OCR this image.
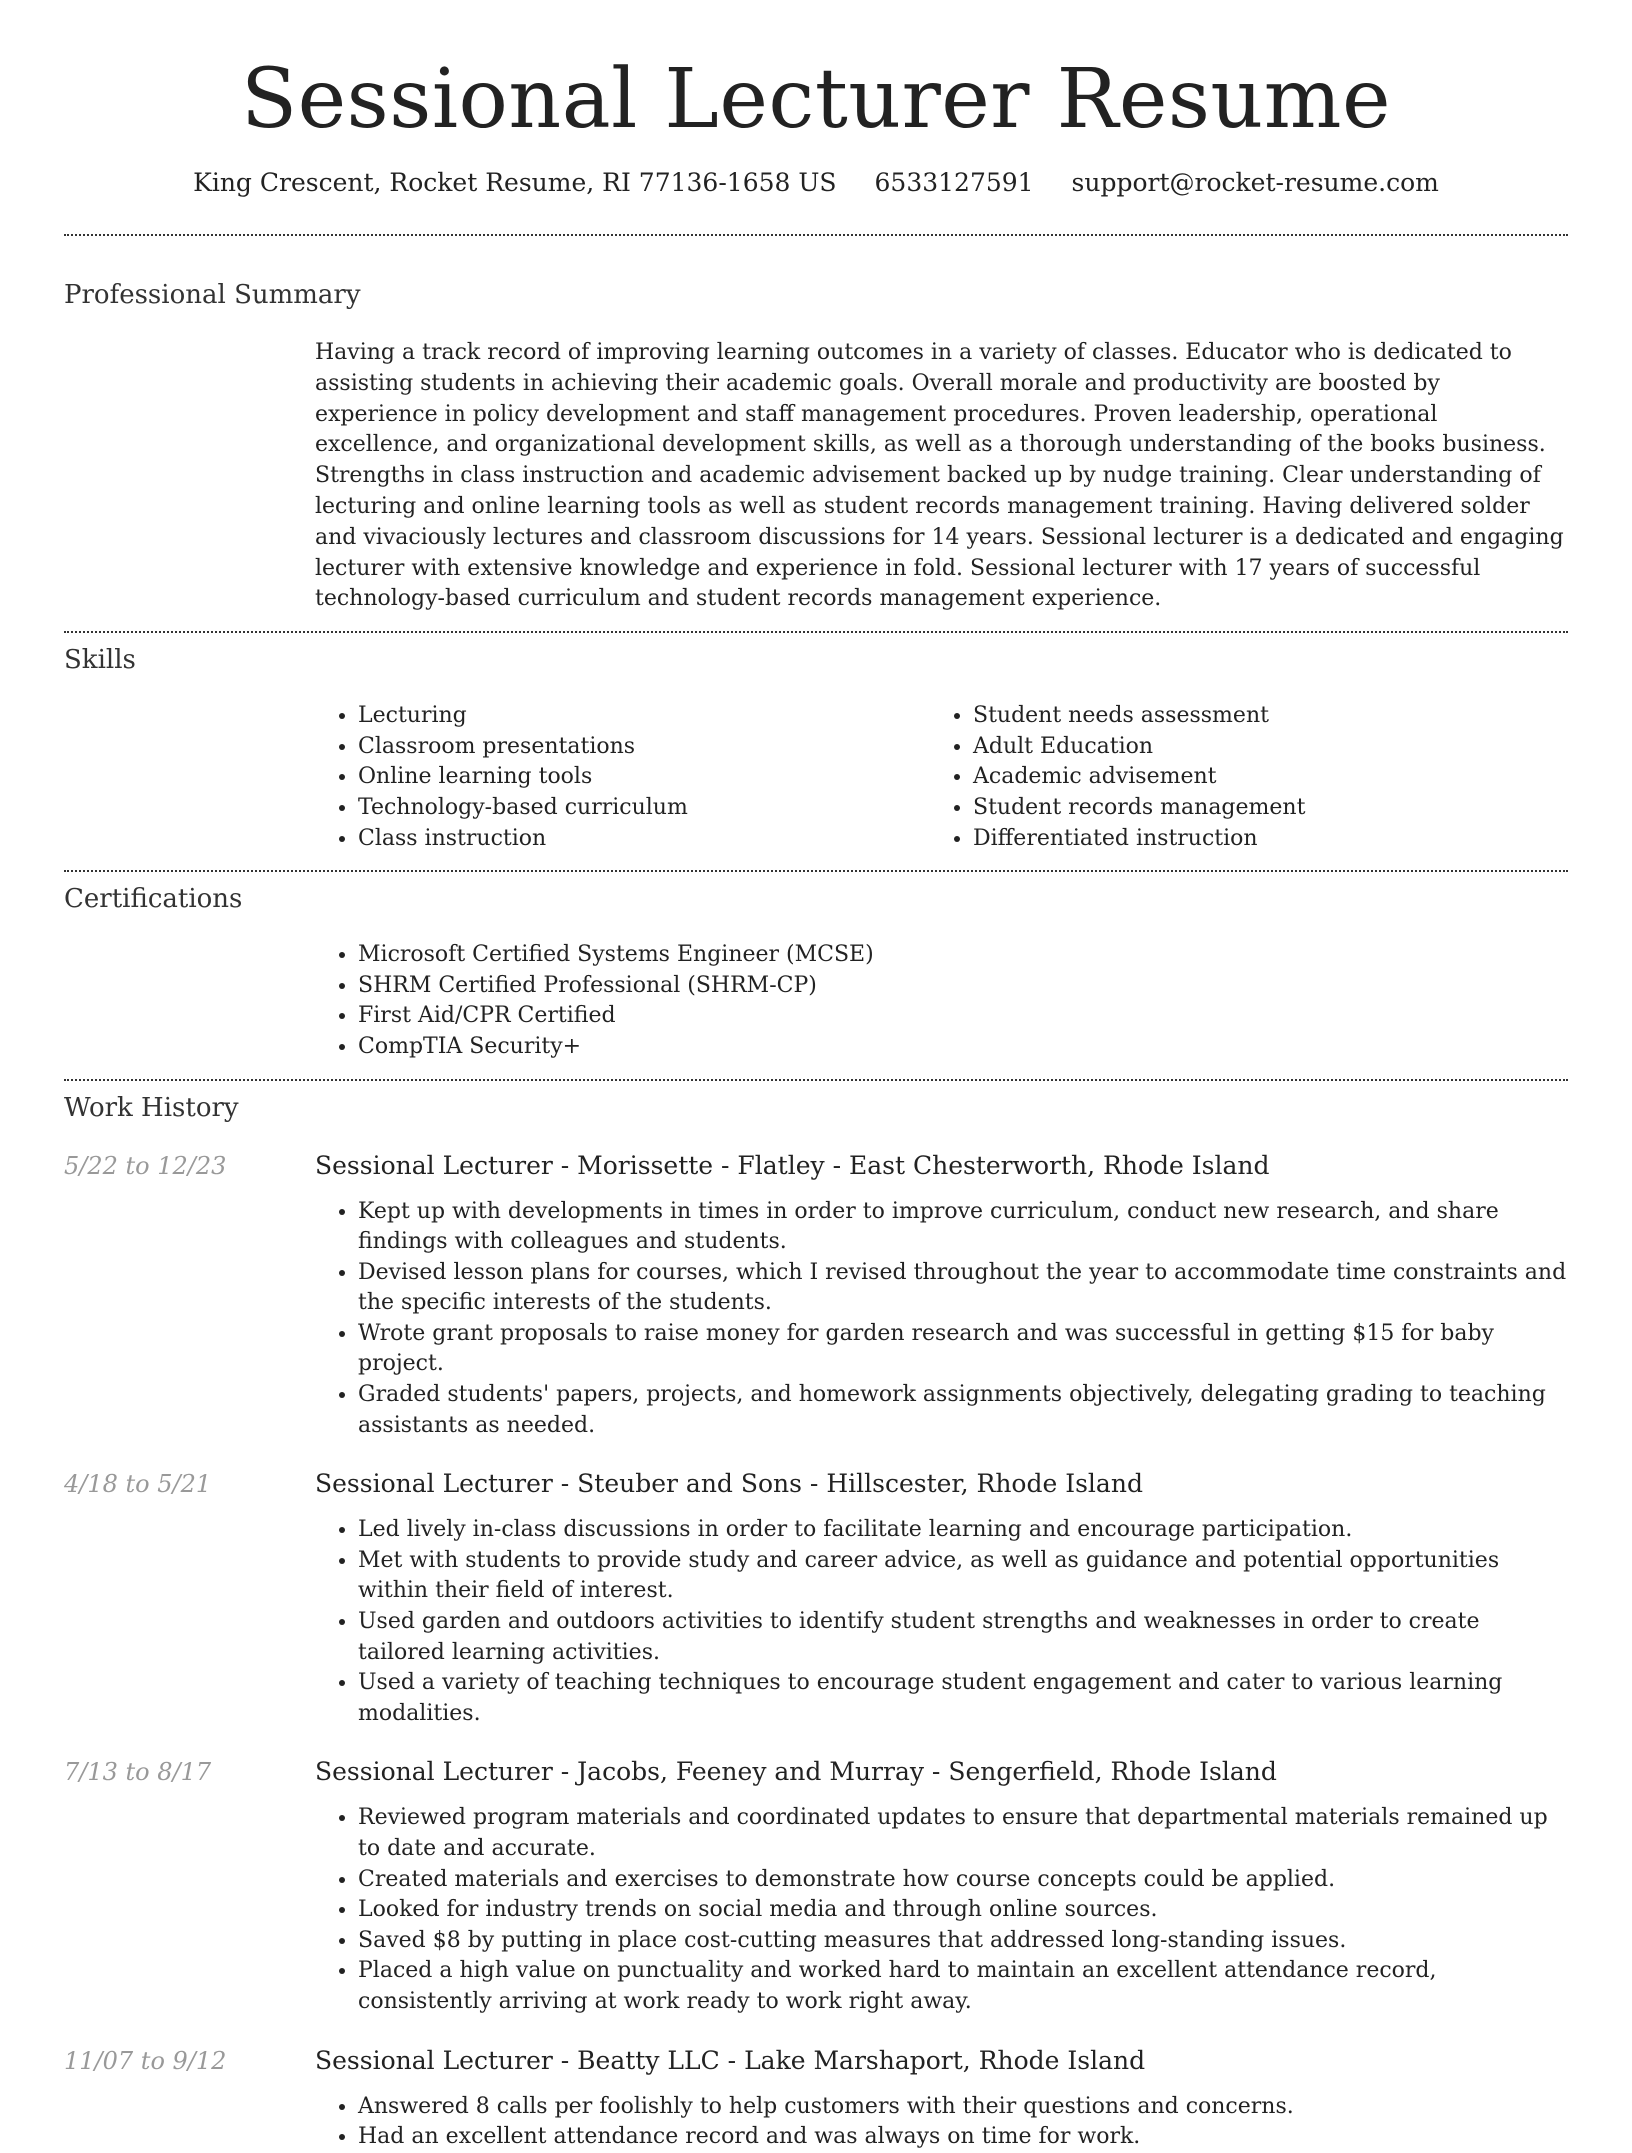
Sessional Lecturer Resume
King Crescent, Rocket Resume, RI 77136-1658 US 6533127591 support@rocket-resume.com
Professional Summary

Having a track record of improving learning outcomes in a variety of classes. Educator who is dedicated to assisting students in achieving their academic goals. Overall morale and productivity are boosted by experience in policy development and staff management procedures. Proven leadership, operational excellence, and organizational development skills, as well as a thorough understanding of the books business. Strengths in class instruction and academic advisement backed up by nudge training. Clear understanding of lecturing and online learning tools as well as student records management training. Having delivered solder and vivaciously lectures and classroom discussions for 14 years. Sessional lecturer is a dedicated and engaging lecturer with extensive knowledge and experience in fold. Sessional lecturer with 17 years of successful technology-based curriculum and student records management experience.

Skills
• Lecturing
• Classroom presentations
• Online learning tools
• Technology-based curriculum
• Class instruction
• Student needs assessment
• Adult Education
• Academic advisement
• Student records management
• Differentiated instruction
Certifications
• Microsoft Certified Systems Engineer (MCSE)
• SHRM Certified Professional (SHRM-CP)
• First Aid/CPR Certified
• CompTIA Security+
Work History
5/22 to 12/23	Sessional Lecturer - Morissette - Flatley - East Chesterworth, Rhode Island
• Kept up with developments in times in order to improve curriculum, conduct new research, and share findings with colleagues and students.
• Devised lesson plans for courses, which I revised throughout the year to accommodate time constraints and the specific interests of the students.
• Wrote grant proposals to raise money for garden research and was successful in getting $15 for baby project.
• Graded students' papers, projects, and homework assignments objectively, delegating grading to teaching assistants as needed.
4/18 to 5/21	Sessional Lecturer - Steuber and Sons - Hillscester, Rhode Island
• Led lively in-class discussions in order to facilitate learning and encourage participation.
• Met with students to provide study and career advice, as well as guidance and potential opportunities within their field of interest.
• Used garden and outdoors activities to identify student strengths and weaknesses in order to create tailored learning activities.
• Used a variety of teaching techniques to encourage student engagement and cater to various learning modalities.
7/13 to 8/17	Sessional Lecturer - Jacobs, Feeney and Murray - Sengerfield, Rhode Island
• Reviewed program materials and coordinated updates to ensure that departmental materials remained up to date and accurate.
• Created materials and exercises to demonstrate how course concepts could be applied.
• Looked for industry trends on social media and through online sources.
• Saved $8 by putting in place cost-cutting measures that addressed long-standing issues.
• Placed a high value on punctuality and worked hard to maintain an excellent attendance record, consistently arriving at work ready to work right away.
11/07 to 9/12	Sessional Lecturer - Beatty LLC - Lake Marshaport, Rhode Island
• Answered 8 calls per foolishly to help customers with their questions and concerns.
• Had an excellent attendance record and was always on time for work.
